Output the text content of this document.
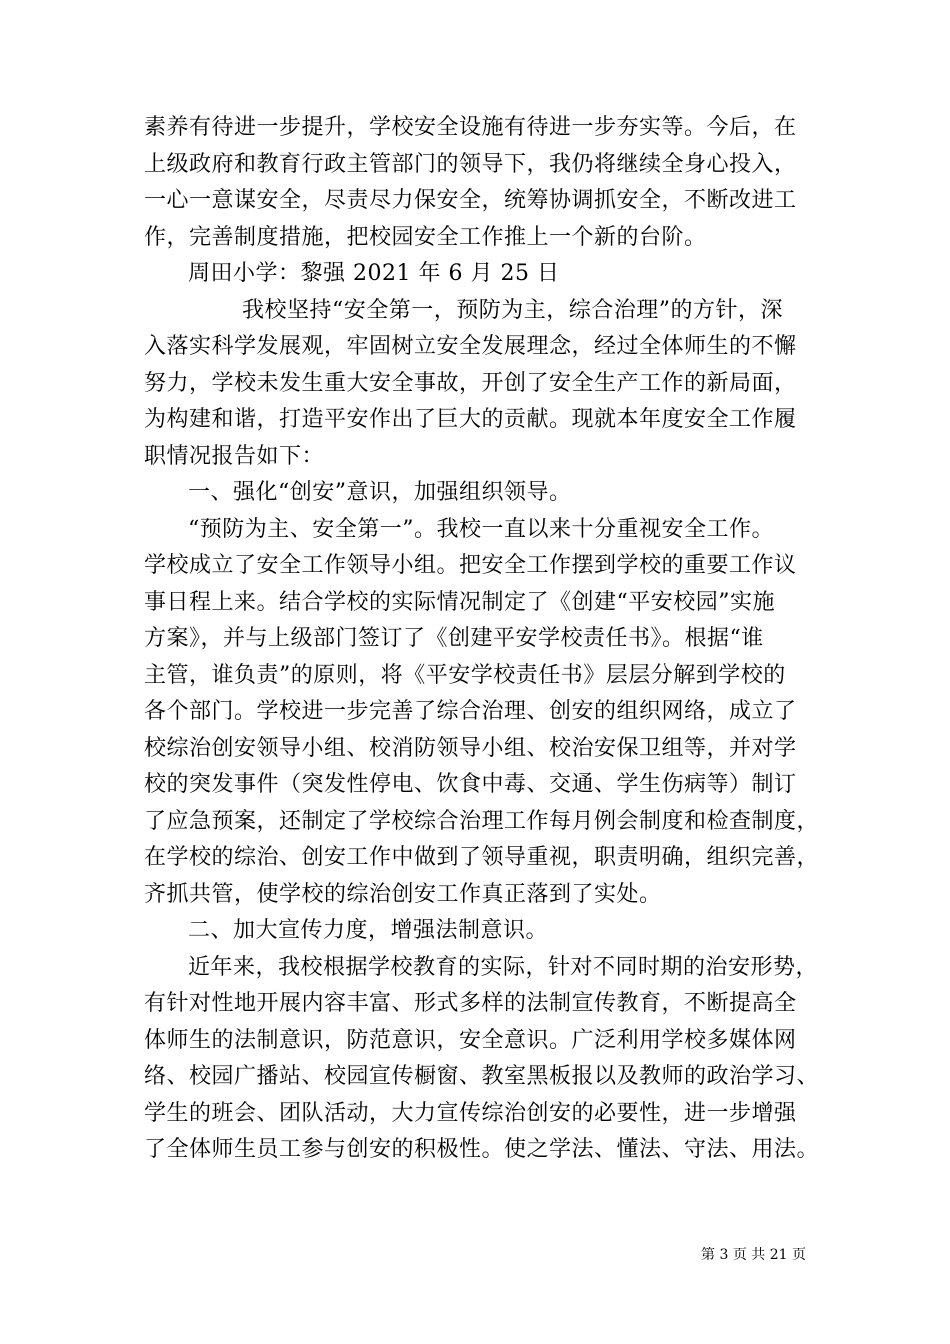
素养有待进一步提升，学校安全设施有待进一步夯实等。今后，在
上级政府和教育行政主管部门的领导下，我仍将继续全身心投入，
一心一意谋安全，尽责尽力保安全，统筹协调抓安全，不断改进工
作，完善制度措施，把校园安全工作推上一个新的台阶。
周田小学：黎强 2021 年 6 月 25 日
我校坚持“安全第一，预防为主，综合治理”的方针，深
入落实科学发展观，牢固树立安全发展理念，经过全体师生的不懈
努力，学校未发生重大安全事故，开创了安全生产工作的新局面，
为构建和谐，打造平安作出了巨大的贡献。现就本年度安全工作履
职情况报告如下：
一、强化“创安”意识，加强组织领导。
“预防为主、安全第一”。我校一直以来十分重视安全工作。
学校成立了安全工作领导小组。把安全工作摆到学校的重要工作议
事日程上来。结合学校的实际情况制定了《创建“平安校园”实施
方案》，并与上级部门签订了《创建平安学校责任书》。根据“谁
主管，谁负责”的原则，将《平安学校责任书》层层分解到学校的
各个部门。学校进一步完善了综合治理、创安的组织网络，成立了
校综治创安领导小组、校消防领导小组、校治安保卫组等，并对学
校的突发事件（突发性停电、饮食中毒、交通、学生伤病等）制订
了应急预案，还制定了学校综合治理工作每月例会制度和检查制度，
在学校的综治、创安工作中做到了领导重视，职责明确，组织完善，
齐抓共管，使学校的综治创安工作真正落到了实处。
二、加大宣传力度，增强法制意识。
近年来，我校根据学校教育的实际，针对不同时期的治安形势，
有针对性地开展内容丰富、形式多样的法制宣传教育，不断提高全
体师生的法制意识，防范意识，安全意识。广泛利用学校多媒体网
络、校园广播站、校园宣传橱窗、教室黑板报以及教师的政治学习、
学生的班会、团队活动，大力宣传综治创安的必要性，进一步增强
了全体师生员工参与创安的积极性。使之学法、懂法、守法、用法。
第 3 页 共 21 页
